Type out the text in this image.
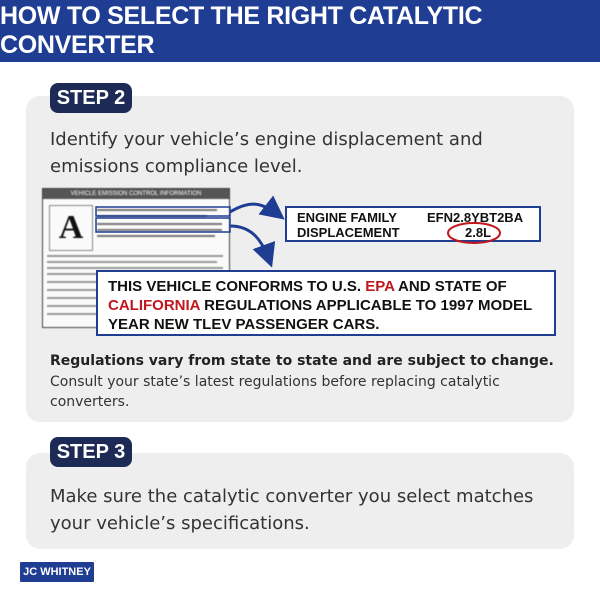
HOW TO SELECT THE RIGHT CATALYTIC CONVERTER
STEP 2
Identify your vehicle’s engine displacement and emissions compliance level.
VEHICLE EMISSION CONTROL INFORMATION
A	ENGINE FAMILY EFN2.8YBT2BA
DISPLACEMENT	2.8L
THIS VEHICLE CONFORMS TO U.S. EPA AND STATE OF CALIFORNIA REGULATIONS APPLICABLE TO 1997 MODEL YEAR NEW TLEV PASSENGER CARS.
Regulations vary from state to state and are subject to change.
Consult your state’s latest regulations before replacing catalytic converters.
STEP 3
Make sure the catalytic converter you select matches your vehicle’s specifications.
JC WHITNEY
